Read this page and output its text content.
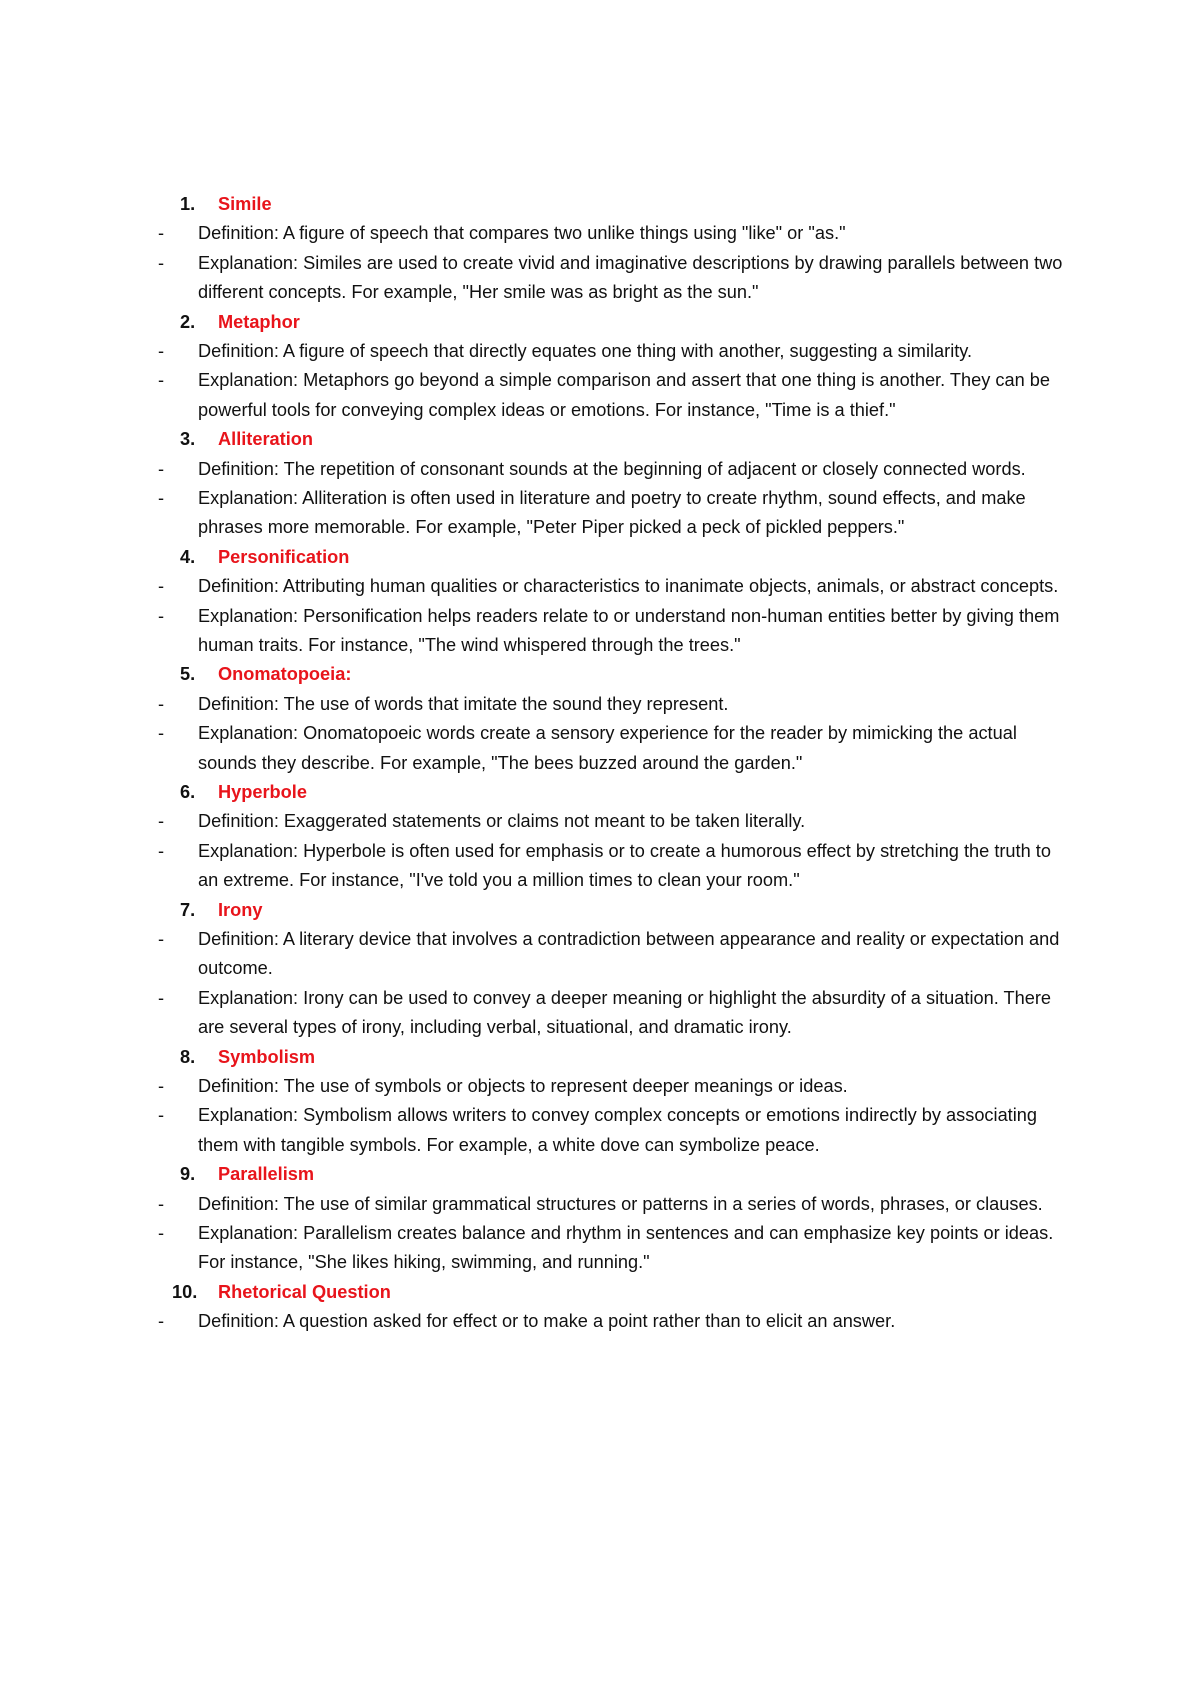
1. Simile
- Definition: A figure of speech that compares two unlike things using "like" or "as."
- Explanation: Similes are used to create vivid and imaginative descriptions by drawing parallels between two different concepts. For example, "Her smile was as bright as the sun."
2. Metaphor
- Definition: A figure of speech that directly equates one thing with another, suggesting a similarity.
- Explanation: Metaphors go beyond a simple comparison and assert that one thing is another. They can be powerful tools for conveying complex ideas or emotions. For instance, "Time is a thief."
3. Alliteration
- Definition: The repetition of consonant sounds at the beginning of adjacent or closely connected words.
- Explanation: Alliteration is often used in literature and poetry to create rhythm, sound effects, and make phrases more memorable. For example, "Peter Piper picked a peck of pickled peppers."
4. Personification
- Definition: Attributing human qualities or characteristics to inanimate objects, animals, or abstract concepts.
- Explanation: Personification helps readers relate to or understand non-human entities better by giving them human traits. For instance, "The wind whispered through the trees."
5. Onomatopoeia:
- Definition: The use of words that imitate the sound they represent.
- Explanation: Onomatopoeic words create a sensory experience for the reader by mimicking the actual sounds they describe. For example, "The bees buzzed around the garden."
6. Hyperbole
- Definition: Exaggerated statements or claims not meant to be taken literally.
- Explanation: Hyperbole is often used for emphasis or to create a humorous effect by stretching the truth to an extreme. For instance, "I've told you a million times to clean your room."
7. Irony
- Definition: A literary device that involves a contradiction between appearance and reality or expectation and outcome.
- Explanation: Irony can be used to convey a deeper meaning or highlight the absurdity of a situation. There are several types of irony, including verbal, situational, and dramatic irony.
8. Symbolism
- Definition: The use of symbols or objects to represent deeper meanings or ideas.
- Explanation: Symbolism allows writers to convey complex concepts or emotions indirectly by associating them with tangible symbols. For example, a white dove can symbolize peace.
9. Parallelism
- Definition: The use of similar grammatical structures or patterns in a series of words, phrases, or clauses.
- Explanation: Parallelism creates balance and rhythm in sentences and can emphasize key points or ideas. For instance, "She likes hiking, swimming, and running."
10. Rhetorical Question
- Definition: A question asked for effect or to make a point rather than to elicit an answer.
